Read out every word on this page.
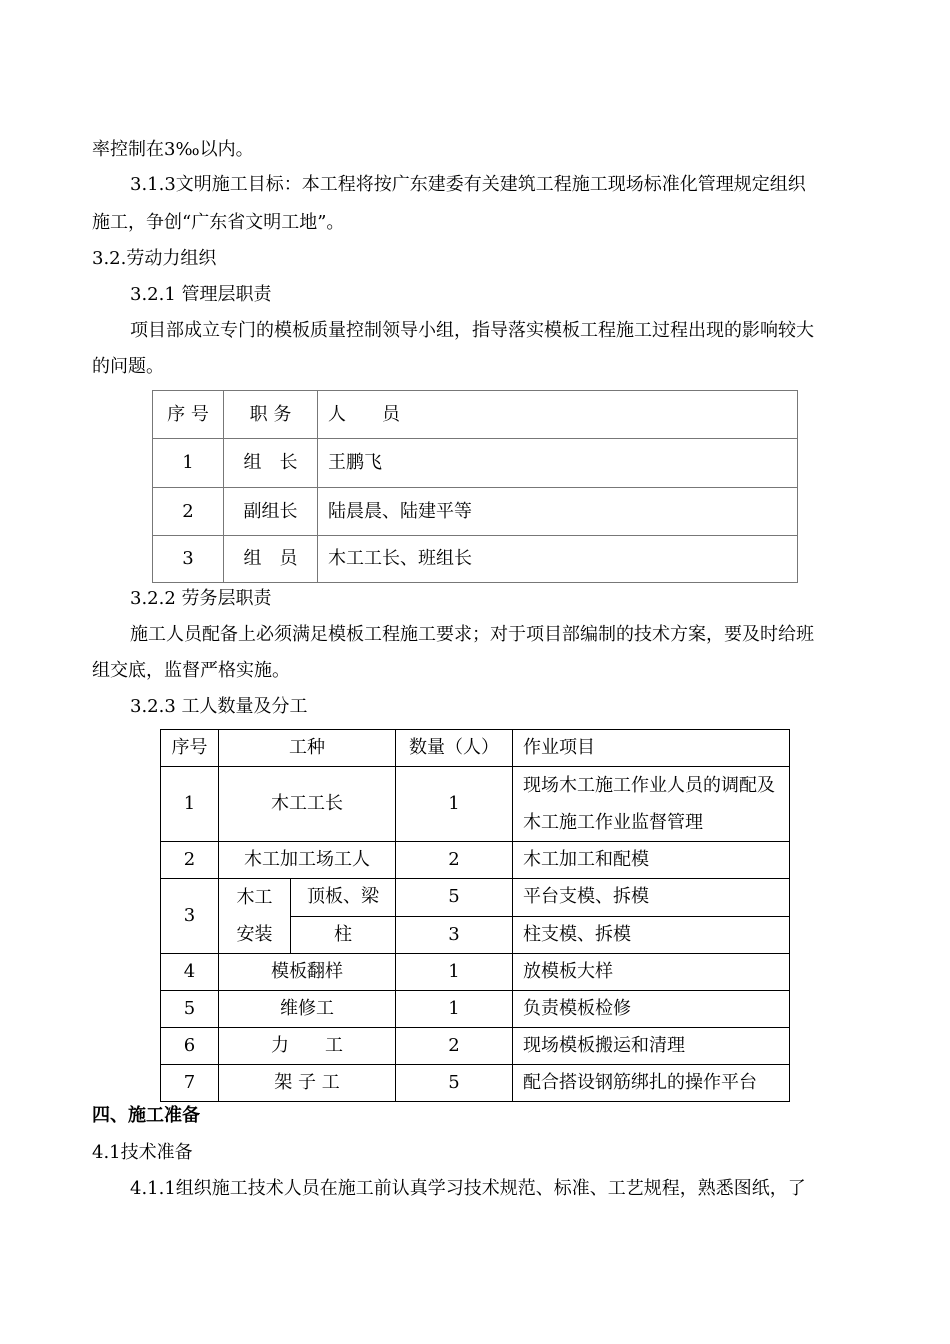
率控制在3‰以内。
3.1.3文明施工目标：本工程将按广东建委有关建筑工程施工现场标准化管理规定组织
施工，争创“广东省文明工地”。
3.2.劳动力组织
3.2.1 管理层职责
项目部成立专门的模板质量控制领导小组，指导落实模板工程施工过程出现的影响较大
的问题。
序 号	职 务	人　　员
1	组　长	王鹏飞
2	副组长	陆晨晨、陆建平等
3	组　员	木工工长、班组长
3.2.2 劳务层职责
施工人员配备上必须满足模板工程施工要求；对于项目部编制的技术方案，要及时给班
组交底，监督严格实施。
3.2.3 工人数量及分工
序号	工种		数量（人）	作业项目
1	木工工长		1	现场木工施工作业人员的调配及木工施工作业监督管理
2	木工加工场工人		2	木工加工和配模
3	木工安装	顶板、梁	5	平台支模、拆模
		柱	3	柱支模、拆模
4	模板翻样		1	放模板大样
5	维修工		1	负责模板检修
6	力　　工		2	现场模板搬运和清理
7	架 子 工		5	配合搭设钢筋绑扎的操作平台
四、施工准备
4.1技术准备
4.1.1组织施工技术人员在施工前认真学习技术规范、标准、工艺规程，熟悉图纸，了
